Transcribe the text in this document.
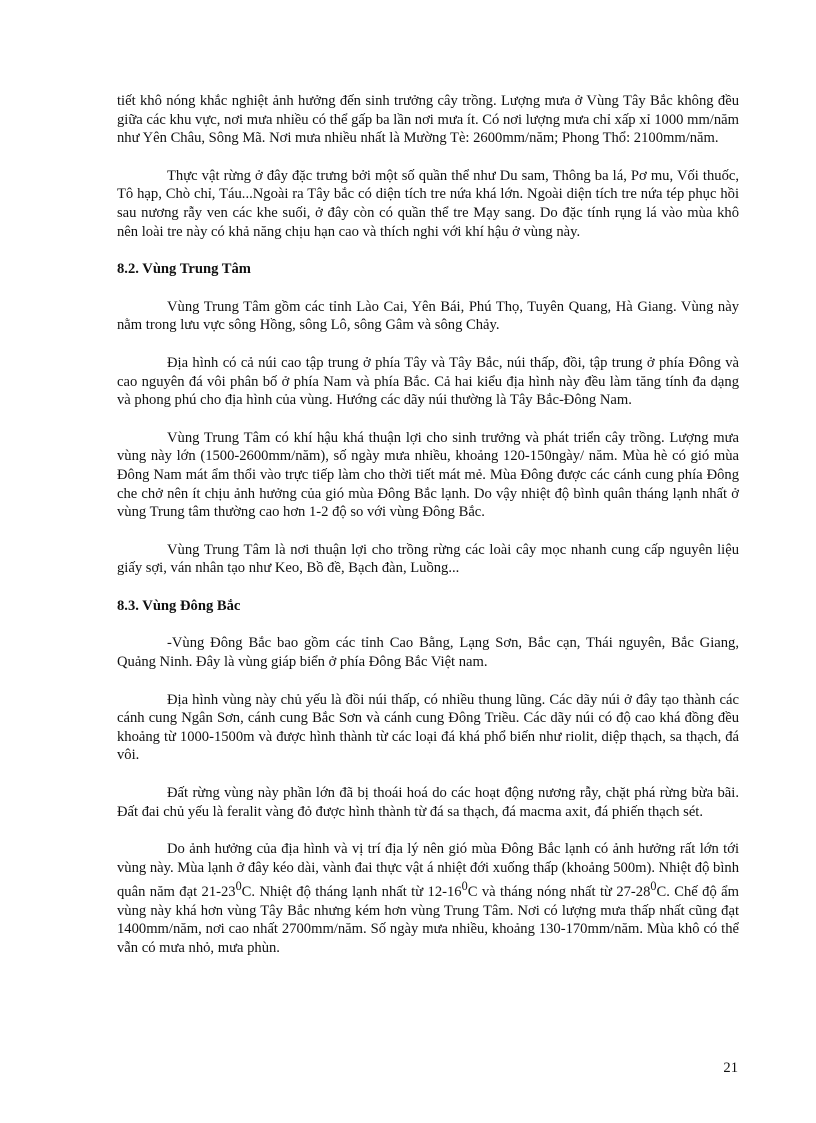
tiết khô nóng khắc nghiệt ảnh hưởng đến sinh trưởng cây trồng. Lượng mưa ở Vùng Tây Bắc không đều giữa các khu vực, nơi mưa nhiều có thể gấp ba lần nơi mưa ít. Có nơi lượng mưa chỉ xấp xỉ 1000 mm/năm như Yên Châu, Sông Mã. Nơi mưa nhiều nhất là Mường Tè: 2600mm/năm; Phong Thổ: 2100mm/năm.

Thực vật rừng ở đây đặc trưng bởi một số quần thể như Du sam, Thông ba lá, Pơ mu, Vối thuốc, Tô hạp, Chò chỉ, Táu...Ngoài ra Tây bắc có diện tích tre nứa khá lớn. Ngoài diện tích tre nứa tép phục hồi sau nương rẫy ven các khe suối, ở đây còn có quần thể tre Mạy sang. Do đặc tính rụng lá vào mùa khô nên loài tre này có khả năng chịu hạn cao và thích nghi với khí hậu ở vùng này.

8.2. Vùng Trung Tâm

Vùng Trung Tâm gồm các tỉnh Lào Cai, Yên Bái, Phú Thọ, Tuyên Quang, Hà Giang. Vùng này nằm trong lưu vực sông Hồng, sông Lô, sông Gâm và sông Chảy.

Địa hình có cả núi cao tập trung ở phía Tây và Tây Bắc, núi thấp, đồi, tập trung ở phía Đông và cao nguyên đá vôi phân bố ở phía Nam và phía Bắc. Cả hai kiểu địa hình này đều làm tăng tính đa dạng và phong phú cho địa hình của vùng. Hướng các dãy núi thường là Tây Bắc-Đông Nam.

Vùng Trung Tâm có khí hậu khá thuận lợi cho sinh trưởng và phát triển cây trồng. Lượng mưa vùng này lớn (1500-2600mm/năm), số ngày mưa nhiều, khoảng 120-150ngày/ năm. Mùa hè có gió mùa Đông Nam mát ẩm thổi vào trực tiếp làm cho thời tiết mát mẻ. Mùa Đông được các cánh cung phía Đông che chở nên ít chịu ảnh hưởng của gió mùa Đông Bắc lạnh. Do vậy nhiệt độ bình quân tháng lạnh nhất ở vùng Trung tâm thường cao hơn 1-2 độ so với vùng Đông Bắc.

Vùng Trung Tâm là nơi thuận lợi cho trồng rừng các loài cây mọc nhanh cung cấp nguyên liệu giấy sợi, ván nhân tạo như Keo, Bồ đề, Bạch đàn, Luồng...

8.3. Vùng Đông Bắc

-Vùng Đông Bắc bao gồm các tỉnh Cao Bằng, Lạng Sơn, Bắc cạn, Thái nguyên, Bắc Giang, Quảng Ninh. Đây là vùng giáp biển ở phía Đông Bắc Việt nam.

Địa hình vùng này chủ yếu là đồi núi thấp, có nhiều thung lũng. Các dãy núi ở đây tạo thành các cánh cung Ngân Sơn, cánh cung Bắc Sơn và cánh cung Đông Triều. Các dãy núi có độ cao khá đồng đều khoảng từ 1000-1500m và được hình thành từ các loại đá khá phổ biến như riolit, diệp thạch, sa thạch, đá vôi.

Đất rừng vùng này phần lớn đã bị thoái hoá do các hoạt động nương rẫy, chặt phá rừng bừa bãi. Đất đai chủ yếu là feralit vàng đỏ được hình thành từ đá sa thạch, đá macma axit, đá phiến thạch sét.

Do ảnh hưởng của địa hình và vị trí địa lý nên gió mùa Đông Bắc lạnh có ảnh hưởng rất lớn tới vùng này. Mùa lạnh ở đây kéo dài, vành đai thực vật á nhiệt đới xuống thấp (khoảng 500m). Nhiệt độ bình quân năm đạt $21-23^0C$. Nhiệt độ tháng lạnh nhất từ $12-16^0C$ và tháng nóng nhất từ $27-28^0C$. Chế độ ẩm vùng này khá hơn vùng Tây Bắc nhưng kém hơn vùng Trung Tâm. Nơi có lượng mưa thấp nhất cũng đạt 1400mm/năm, nơi cao nhất 2700mm/năm. Số ngày mưa nhiều, khoảng 130-170mm/năm. Mùa khô có thể vẫn có mưa nhỏ, mưa phùn.

21
